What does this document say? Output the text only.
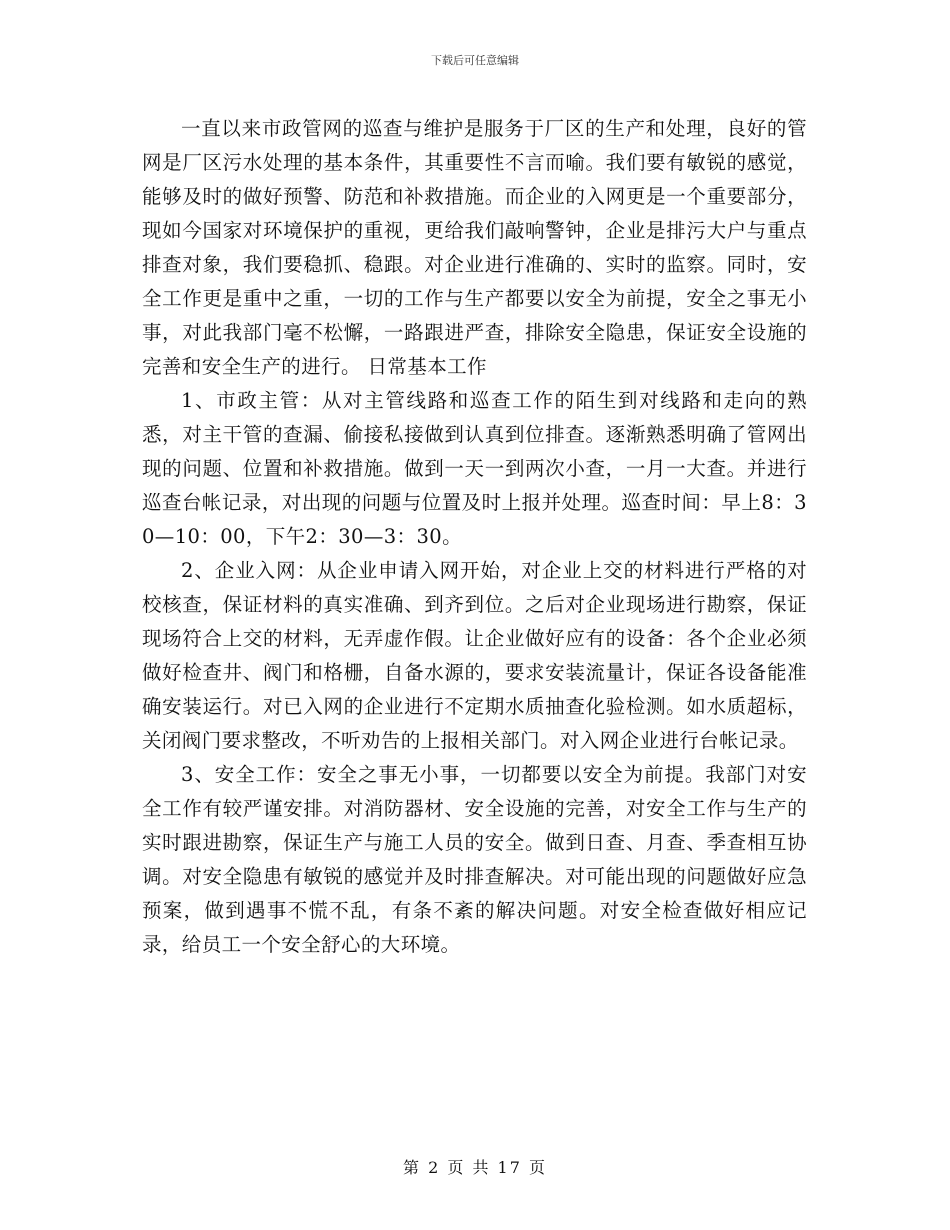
下载后可任意编辑

一直以来市政管网的巡查与维护是服务于厂区的生产和处理，良好的管网是厂区污水处理的基本条件，其重要性不言而喻。我们要有敏锐的感觉，能够及时的做好预警、防范和补救措施。而企业的入网更是一个重要部分，现如今国家对环境保护的重视，更给我们敲响警钟，企业是排污大户与重点排查对象，我们要稳抓、稳跟。对企业进行准确的、实时的监察。同时，安全工作更是重中之重，一切的工作与生产都要以安全为前提，安全之事无小事，对此我部门毫不松懈，一路跟进严查，排除安全隐患，保证安全设施的完善和安全生产的进行。 日常基本工作

1、市政主管：从对主管线路和巡查工作的陌生到对线路和走向的熟悉，对主干管的查漏、偷接私接做到认真到位排查。逐渐熟悉明确了管网出现的问题、位置和补救措施。做到一天一到两次小查，一月一大查。并进行巡查台帐记录，对出现的问题与位置及时上报并处理。巡查时间：早上8：30—10：00，下午2：30—3：30。

2、企业入网：从企业申请入网开始，对企业上交的材料进行严格的对校核查，保证材料的真实准确、到齐到位。之后对企业现场进行勘察，保证现场符合上交的材料，无弄虚作假。让企业做好应有的设备：各个企业必须做好检查井、阀门和格栅，自备水源的，要求安装流量计，保证各设备能准确安装运行。对已入网的企业进行不定期水质抽查化验检测。如水质超标，关闭阀门要求整改，不听劝告的上报相关部门。对入网企业进行台帐记录。

3、安全工作：安全之事无小事，一切都要以安全为前提。我部门对安全工作有较严谨安排。对消防器材、安全设施的完善，对安全工作与生产的实时跟进勘察，保证生产与施工人员的安全。做到日查、月查、季查相互协调。对安全隐患有敏锐的感觉并及时排查解决。对可能出现的问题做好应急预案，做到遇事不慌不乱，有条不紊的解决问题。对安全检查做好相应记录，给员工一个安全舒心的大环境。

第 2 页 共 17 页
